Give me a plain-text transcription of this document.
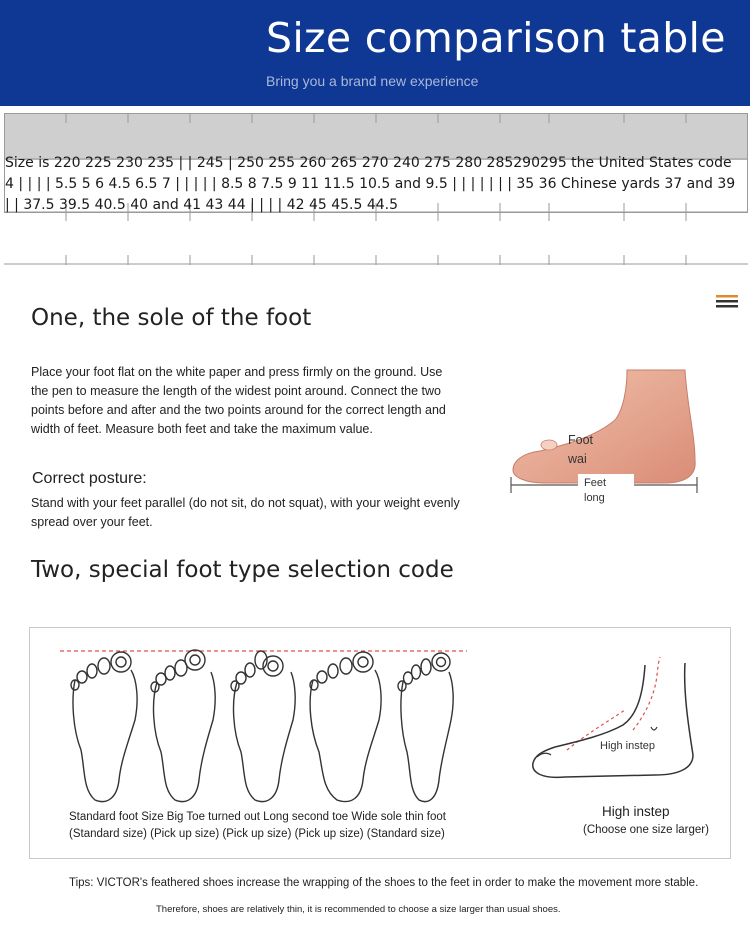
Size comparison table
Bring you a brand new experience
Size is 220 225 230 235 | | 245 | 250 255 260 265 270 240 275 280 285290295 the United States code 4 | | | | 5.5 5 6 4.5 6.5 7 | | | | | 8.5 8 7.5 9 11 11.5 10.5 and 9.5 | | | | | | | 35 36 Chinese yards 37 and 39 | | 37.5 39.5 40.5 40 and 41 43 44 | | | | 42 45 45.5 44.5
One, the sole of the foot
Place your foot flat on the white paper and press firmly on the ground. Use the pen to measure the length of the widest point around. Connect the two points before and after and the two points around for the correct length and width of feet. Measure both feet and take the maximum value.
Correct posture:
Stand with your feet parallel (do not sit, do not squat), with your weight evenly spread over your feet.
Foot
wai
Feet
long
Two, special foot type selection code
Standard foot Size Big Toe turned out Long second toe Wide sole thin foot
(Standard size) (Pick up size) (Pick up size) (Pick up size) (Standard size)
High instep
High instep
(Choose one size larger)
Tips: VICTOR's feathered shoes increase the wrapping of the shoes to the feet in order to make the movement more stable.
Therefore, shoes are relatively thin, it is recommended to choose a size larger than usual shoes.
